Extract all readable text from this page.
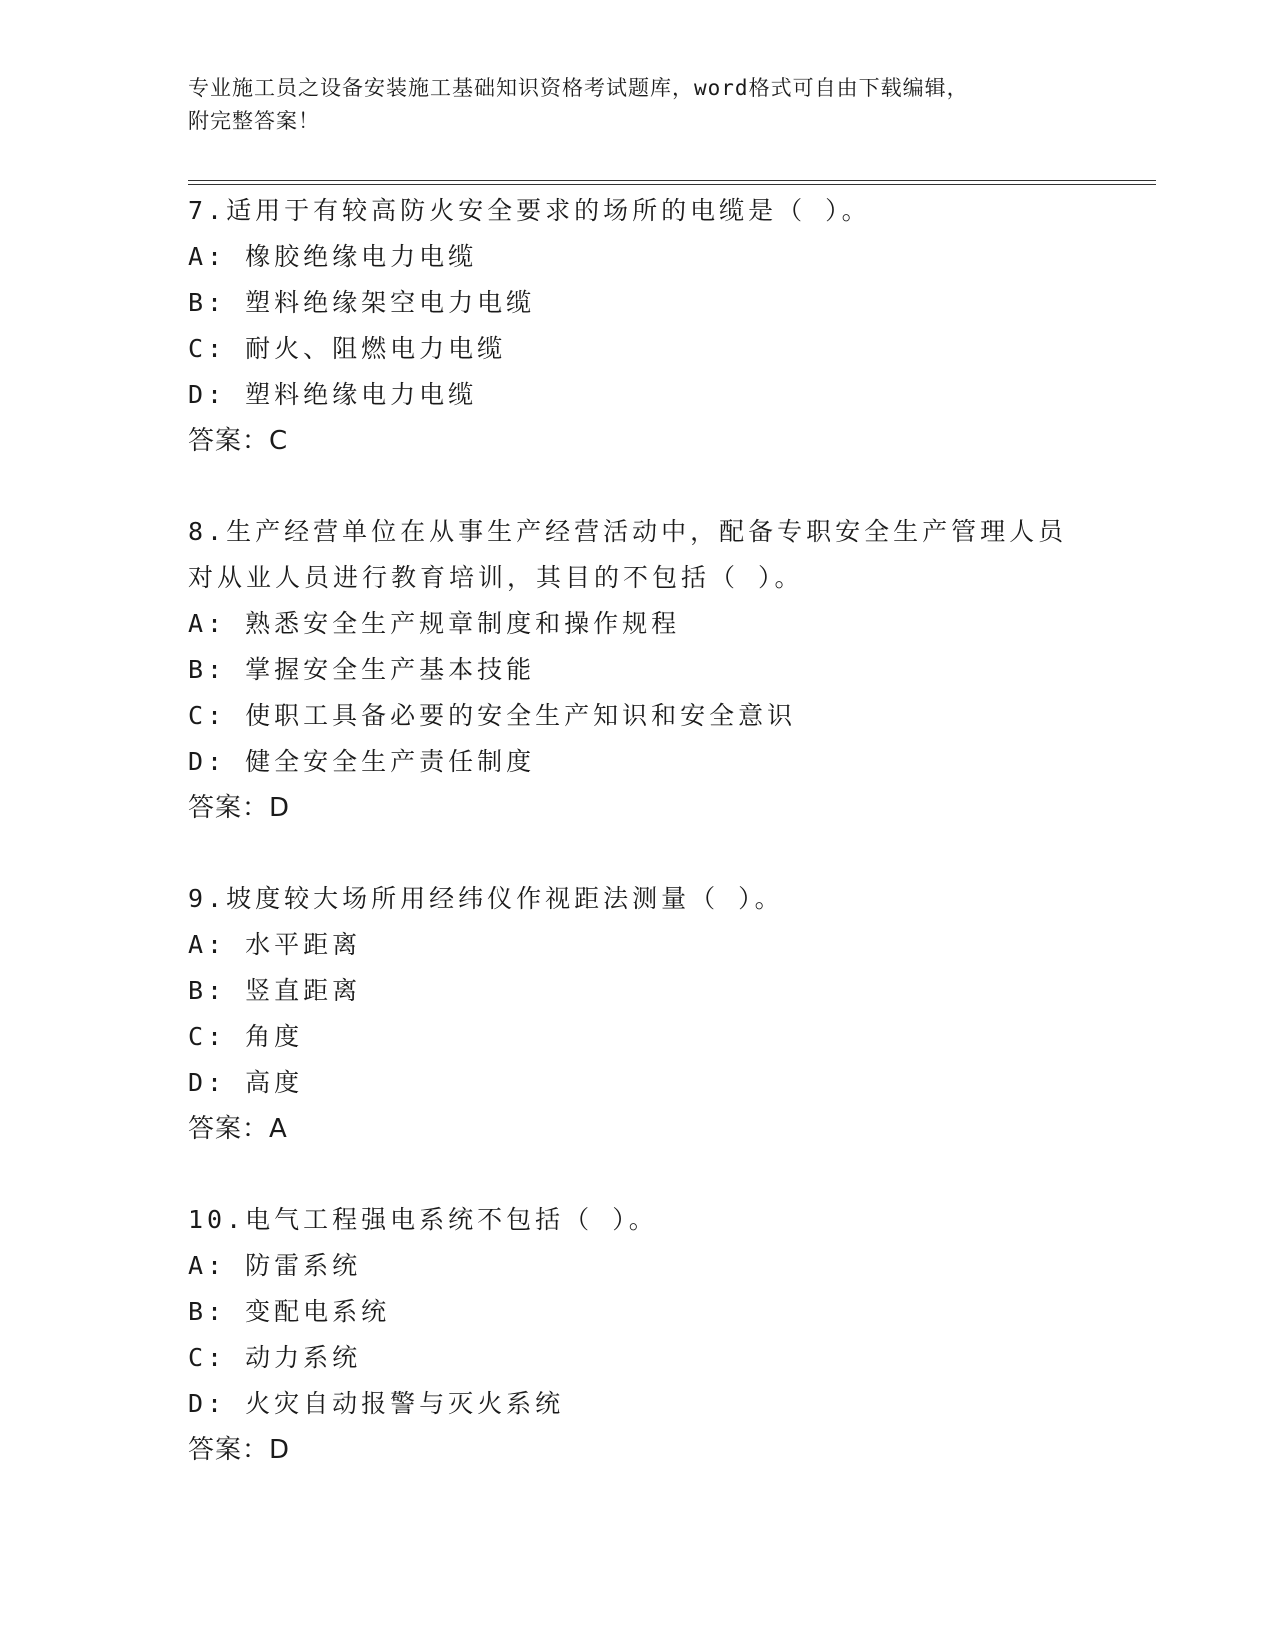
专业施工员之设备安装施工基础知识资格考试题库，word格式可自由下载编辑，
附完整答案！
7.适用于有较高防火安全要求的场所的电缆是（ ）。
A: 橡胶绝缘电力电缆
B: 塑料绝缘架空电力电缆
C: 耐火、阻燃电力电缆
D: 塑料绝缘电力电缆
答案：C
8.生产经营单位在从事生产经营活动中，配备专职安全生产管理人员
对从业人员进行教育培训，其目的不包括（ ）。
A: 熟悉安全生产规章制度和操作规程
B: 掌握安全生产基本技能
C: 使职工具备必要的安全生产知识和安全意识
D: 健全安全生产责任制度
答案：D
9.坡度较大场所用经纬仪作视距法测量（ ）。
A: 水平距离
B: 竖直距离
C: 角度
D: 高度
答案：A
10.电气工程强电系统不包括（ ）。
A: 防雷系统
B: 变配电系统
C: 动力系统
D: 火灾自动报警与灭火系统
答案：D
